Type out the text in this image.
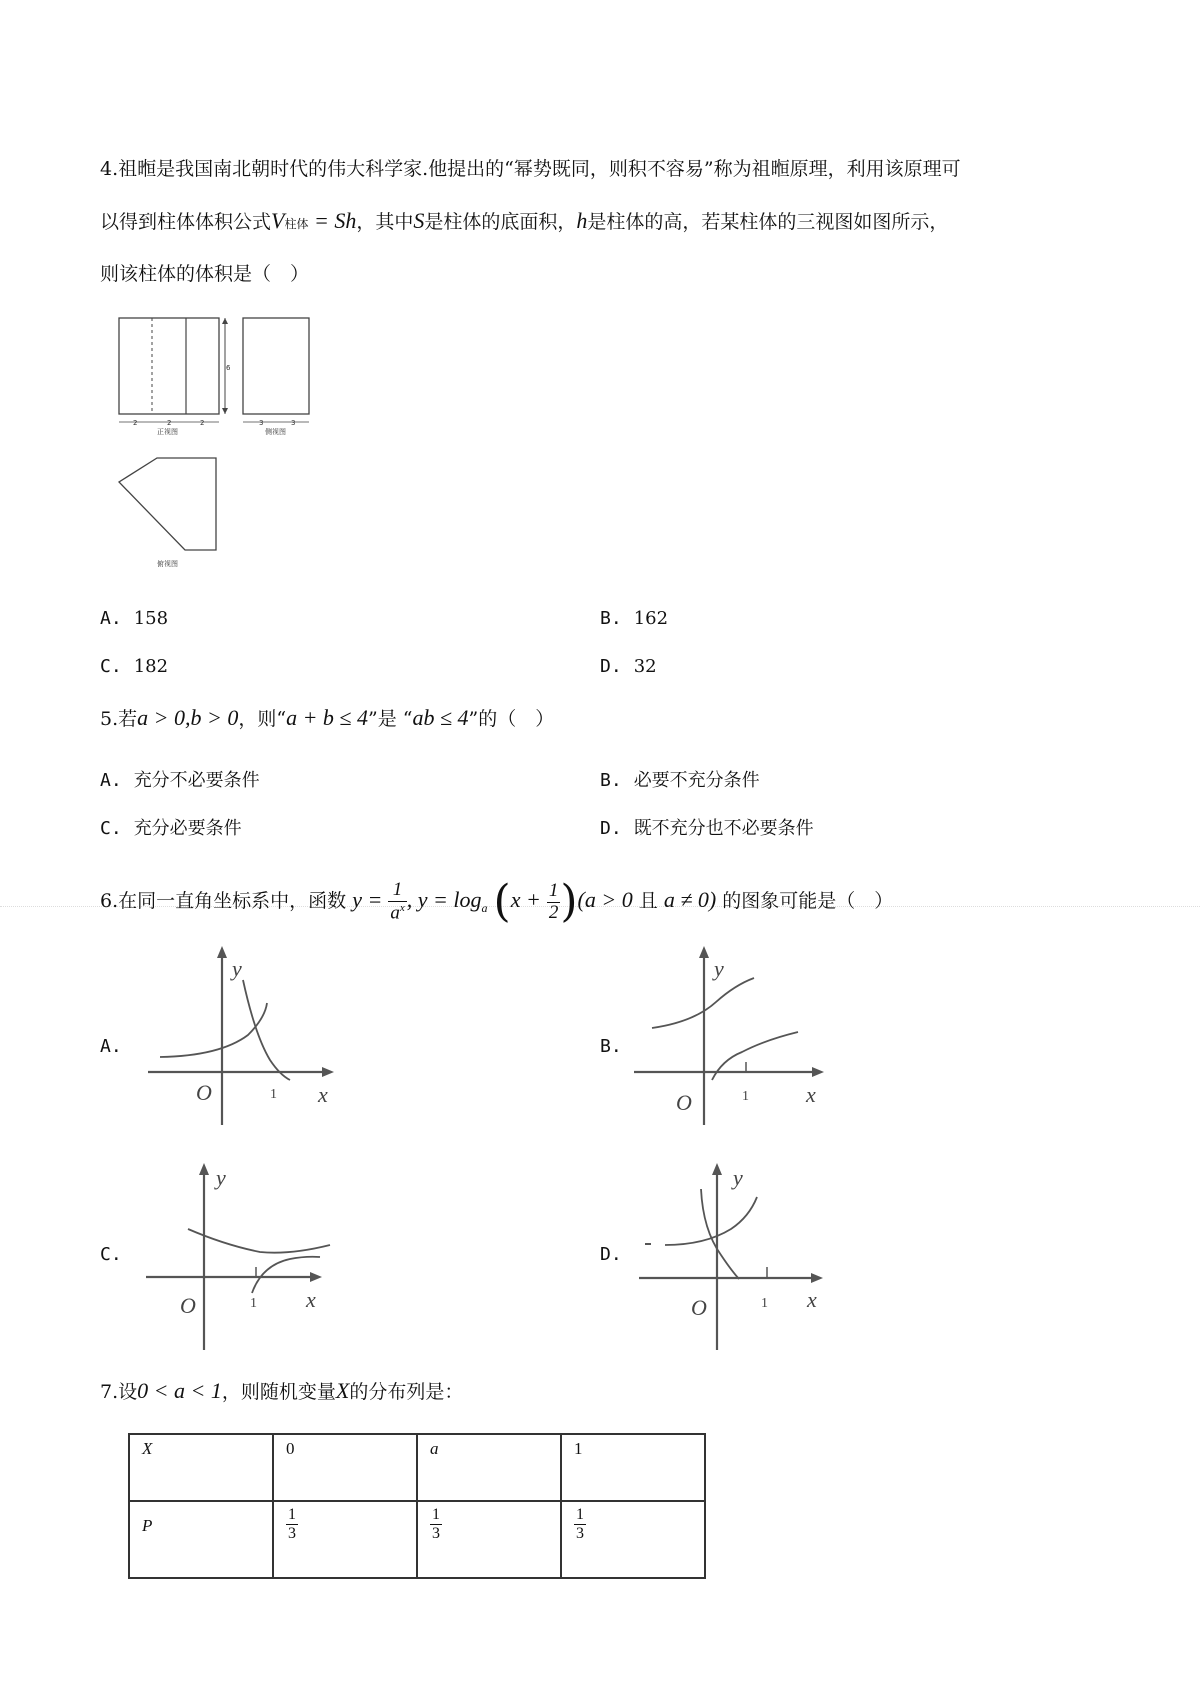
4.祖暅是我国南北朝时代的伟大科学家.他提出的“幂势既同，则积不容易”称为祖暅原理，利用该原理可
以得到柱体体积公式V柱体 = Sh，其中S是柱体的底面积，h是柱体的高，若某柱体的三视图如图所示，
则该柱体的体积是（　）
6
2	2	2
正视图
3	3
侧视图
俯视图
A. 158	B. 162
C. 182	D. 32
5.若a > 0,b > 0，则“a + b ≤ 4”是 “ab ≤ 4”的（　）
A. 充分不必要条件	B. 必要不充分条件
C. 充分必要条件	D. 既不充分也不必要条件
6.在同一直角坐标系中，函数 $y = \frac{1}{a^x}$ , $y = \log_a (x + \frac{1}{2} )(a > 0$ 且 a ≠ 0) 的图象可能是（　）
A.
y
x
O	1
B.
y
x
O	1
C.
y
x
O	1
D.
y
x
O	1
7.设0 < a < 1，则随机变量X的分布列是：
X	0	a	1
P	$\frac{1}{3}$	$\frac{1}{3}$	$\frac{1}{3}$
